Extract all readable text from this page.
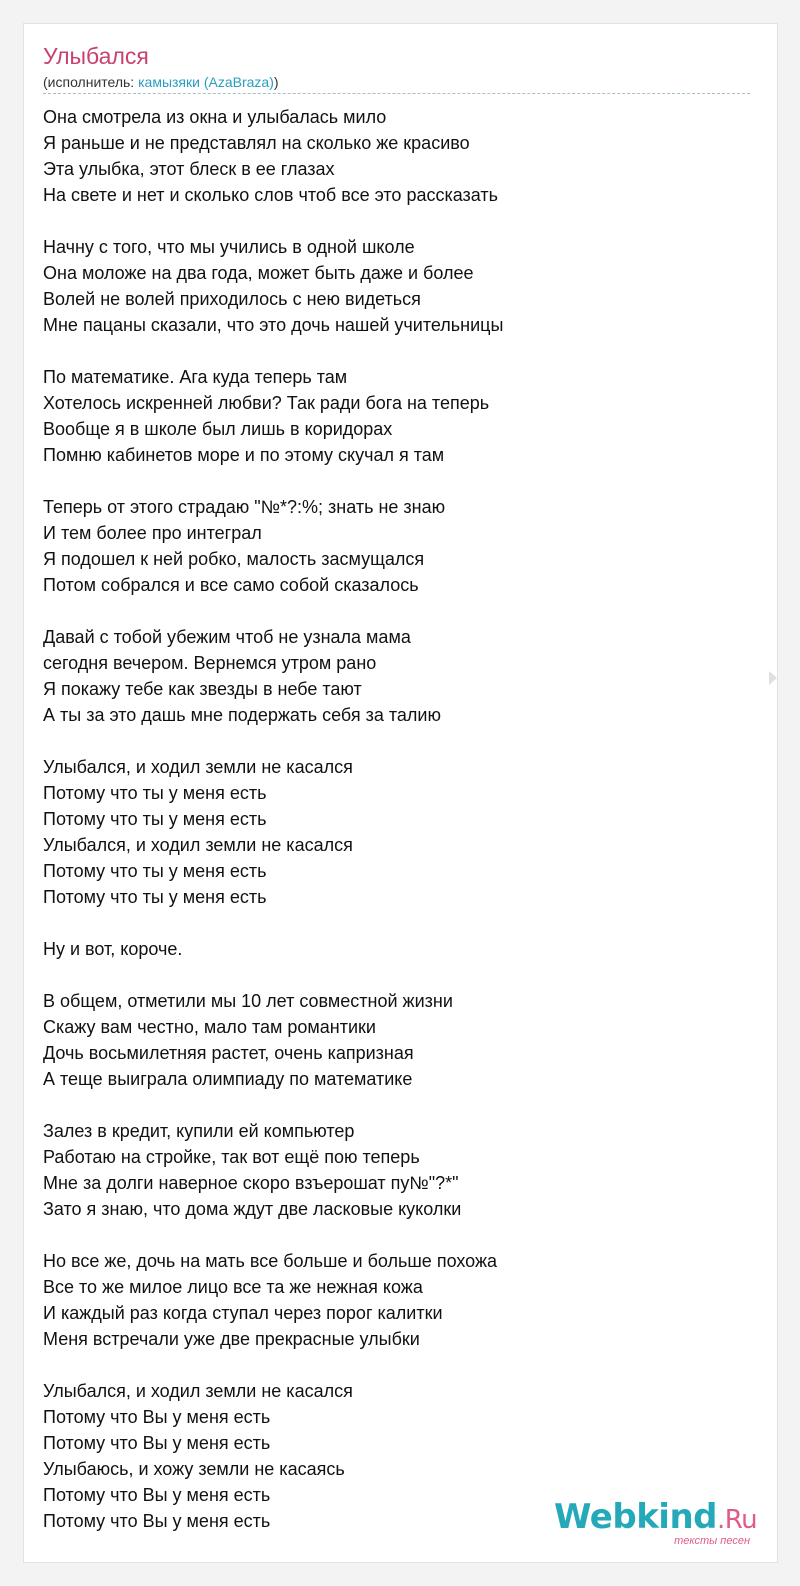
Улыбался
(исполнитель: камызяки (AzaBraza))
Она смотрела из окна и улыбалась мило
Я раньше и не представлял на сколько же красиво
Эта улыбка, этот блеск в ее глазах
На свете и нет и сколько слов чтоб все это рассказать
Начну с того, что мы учились в одной школе
Она моложе на два года, может быть даже и более
Волей не волей приходилось с нею видеться
Мне пацаны сказали, что это дочь нашей учительницы
По математике. Ага куда теперь там
Хотелось искренней любви? Так ради бога на теперь
Вообще я в школе был лишь в коридорах
Помню кабинетов море и по этому скучал я там
Теперь от этого страдаю "№*?:%; знать не знаю
И тем более про интеграл
Я подошел к ней робко, малость засмущался
Потом собрался и все само собой сказалось
Давай с тобой убежим чтоб не узнала мама
сегодня вечером. Вернемся утром рано
Я покажу тебе как звезды в небе тают
А ты за это дашь мне подержать себя за талию
Улыбался, и ходил земли не касался
Потому что ты у меня есть
Потому что ты у меня есть
Улыбался, и ходил земли не касался
Потому что ты у меня есть
Потому что ты у меня есть
Ну и вот, короче.
В общем, отметили мы 10 лет совместной жизни
Скажу вам честно, мало там романтики
Дочь восьмилетняя растет, очень капризная
А теще выиграла олимпиаду по математике
Залез в кредит, купили ей компьютер
Работаю на стройке, так вот ещё пою теперь
Мне за долги наверное скоро взъерошат пу№"?*"
Зато я знаю, что дома ждут две ласковые куколки
Но все же, дочь на мать все больше и больше похожа
Все то же милое лицо все та же нежная кожа
И каждый раз когда ступал через порог калитки
Меня встречали уже две прекрасные улыбки
Улыбался, и ходил земли не касался
Потому что Вы у меня есть
Потому что Вы у меня есть
Улыбаюсь, и хожу земли не касаясь
Потому что Вы у меня есть
Потому что Вы у меня есть	Webkind.Ru
тексты песен
